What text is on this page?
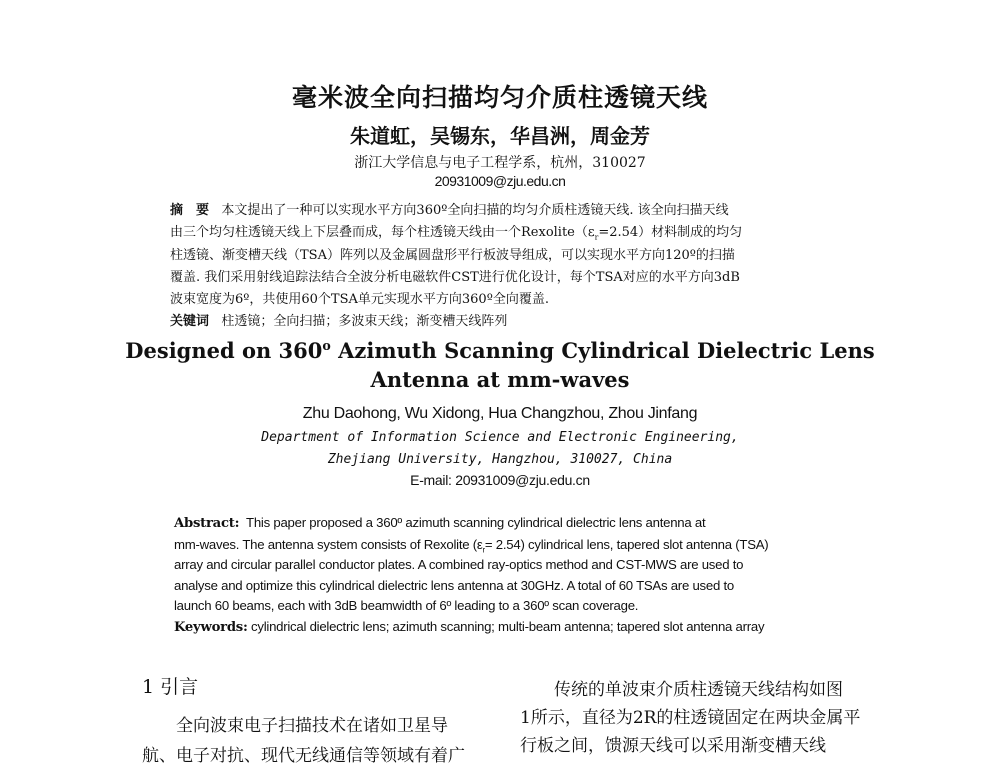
毫米波全向扫描均匀介质柱透镜天线
朱道虹，吴锡东，华昌洲，周金芳
浙江大学信息与电子工程学系，杭州，310027
20931009@zju.edu.cn
摘　要 本文提出了一种可以实现水平方向360º全向扫描的均匀介质柱透镜天线. 该全向扫描天线
由三个均匀柱透镜天线上下层叠而成，每个柱透镜天线由一个$Rexolite(\varepsilon_r=2.54)$材料制成的均匀
柱透镜、渐变槽天线（TSA）阵列以及金属圆盘形平行板波导组成，可以实现水平方向120º的扫描
覆盖. 我们采用射线追踪法结合全波分析电磁软件CST进行优化设计，每个TSA对应的水平方向3dB
波束宽度为6º，共使用60个TSA单元实现水平方向360º全向覆盖.
关键词 柱透镜；全向扫描；多波束天线；渐变槽天线阵列
Designed on 360$^o$ Azimuth Scanning Cylindrical Dielectric Lens
Antenna at mm-waves
Zhu Daohong, Wu Xidong, Hua Changzhou, Zhou Jinfang
Department of Information Science and Electronic Engineering,
Zhejiang University, Hangzhou, 310027, China
E-mail: 20931009@zju.edu.cn
Abstract: This paper proposed a 360º azimuth scanning cylindrical dielectric lens antenna at
mm-waves. The antenna system consists of Rexolite $(\varepsilon_r= 2.54)$ cylindrical lens, tapered slot antenna (TSA)
array and circular parallel conductor plates. A combined ray-optics method and CST-MWS are used to
analyse and optimize this cylindrical dielectric lens antenna at 30GHz. A total of 60 TSAs are used to
launch 60 beams, each with 3dB beamwidth of 6º leading to a 360º scan coverage.
Keywords: cylindrical dielectric lens; azimuth scanning; multi-beam antenna; tapered slot antenna array
1 引言
全向波束电子扫描技术在诸如卫星导
航、电子对抗、现代无线通信等领域有着广
传统的单波束介质柱透镜天线结构如图
1所示，直径为2R的柱透镜固定在两块金属平
行板之间，馈源天线可以采用渐变槽天线
